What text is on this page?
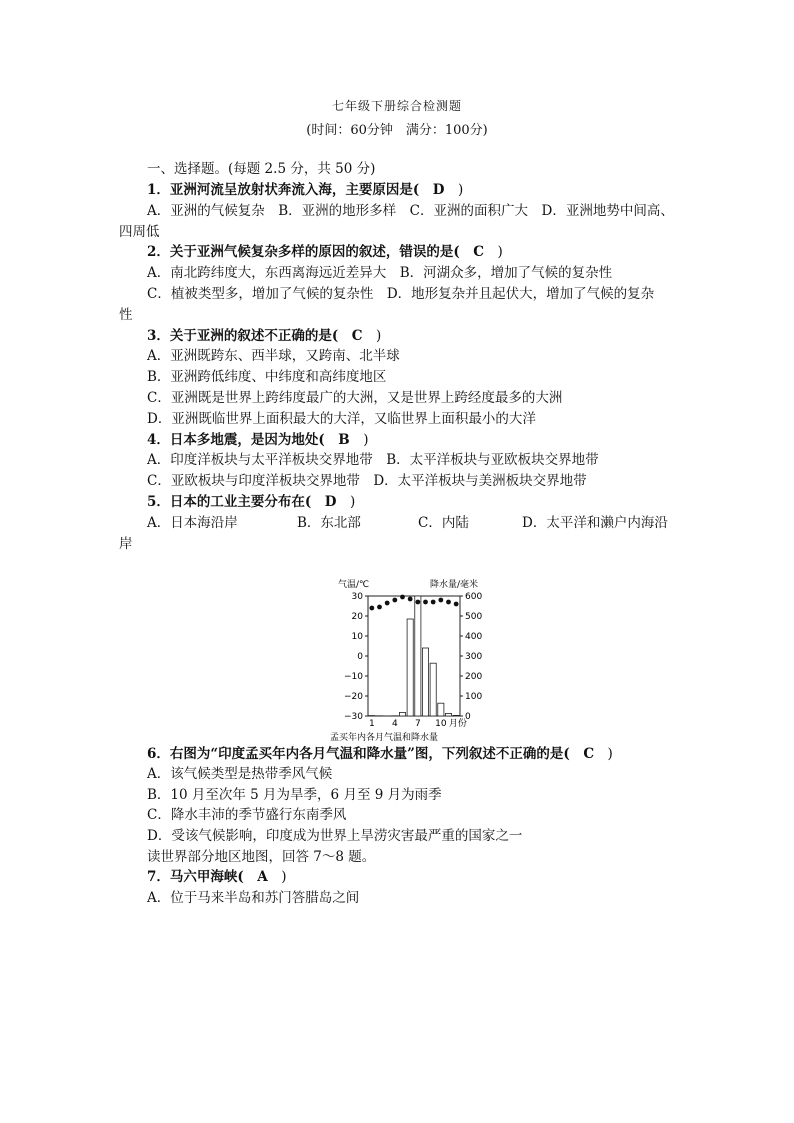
七年级下册综合检测题
(时间：60分钟　满分：100分)
一、选择题。(每题 2.5 分，共 50 分)
1．亚洲河流呈放射状奔流入海，主要原因是(　 D　)
A．亚洲的气候复杂　B．亚洲的地形多样　C．亚洲的面积广大　D．亚洲地势中间高、
四周低
2．关于亚洲气候复杂多样的原因的叙述，错误的是(　 C　)
A．南北跨纬度大，东西离海远近差异大　B．河湖众多，增加了气候的复杂性
C．植被类型多，增加了气候的复杂性　D．地形复杂并且起伏大，增加了气候的复杂
性
3．关于亚洲的叙述不正确的是(　 C　)
A．亚洲既跨东、西半球，又跨南、北半球
B．亚洲跨低纬度、中纬度和高纬度地区
C．亚洲既是世界上跨纬度最广的大洲，又是世界上跨经度最多的大洲
D．亚洲既临世界上面积最大的大洋，又临世界上面积最小的大洋
4．日本多地震，是因为地处(　 B　)
A．印度洋板块与太平洋板块交界地带　B．太平洋板块与亚欧板块交界地带
C．亚欧板块与印度洋板块交界地带　D．太平洋板块与美洲板块交界地带
5．日本的工业主要分布在(　 D　)
A．日本海沿岸	B．东北部	C．内陆	D．太平洋和濑户内海沿
岸
气温/℃	降水量/毫米
30
20
10
0
−10
−20
−30
600
500
400
300
200
100
0
1 4 7 10 月份
孟买年内各月气温和降水量
6．右图为“印度孟买年内各月气温和降水量”图，下列叙述不正确的是(　 C　)
A．该气候类型是热带季风气候
B．10 月至次年 5 月为旱季，6 月至 9 月为雨季
C．降水丰沛的季节盛行东南季风
D．受该气候影响，印度成为世界上旱涝灾害最严重的国家之一
读世界部分地区地图，回答 7～8 题。
7．马六甲海峡(　 A　)
A．位于马来半岛和苏门答腊岛之间
